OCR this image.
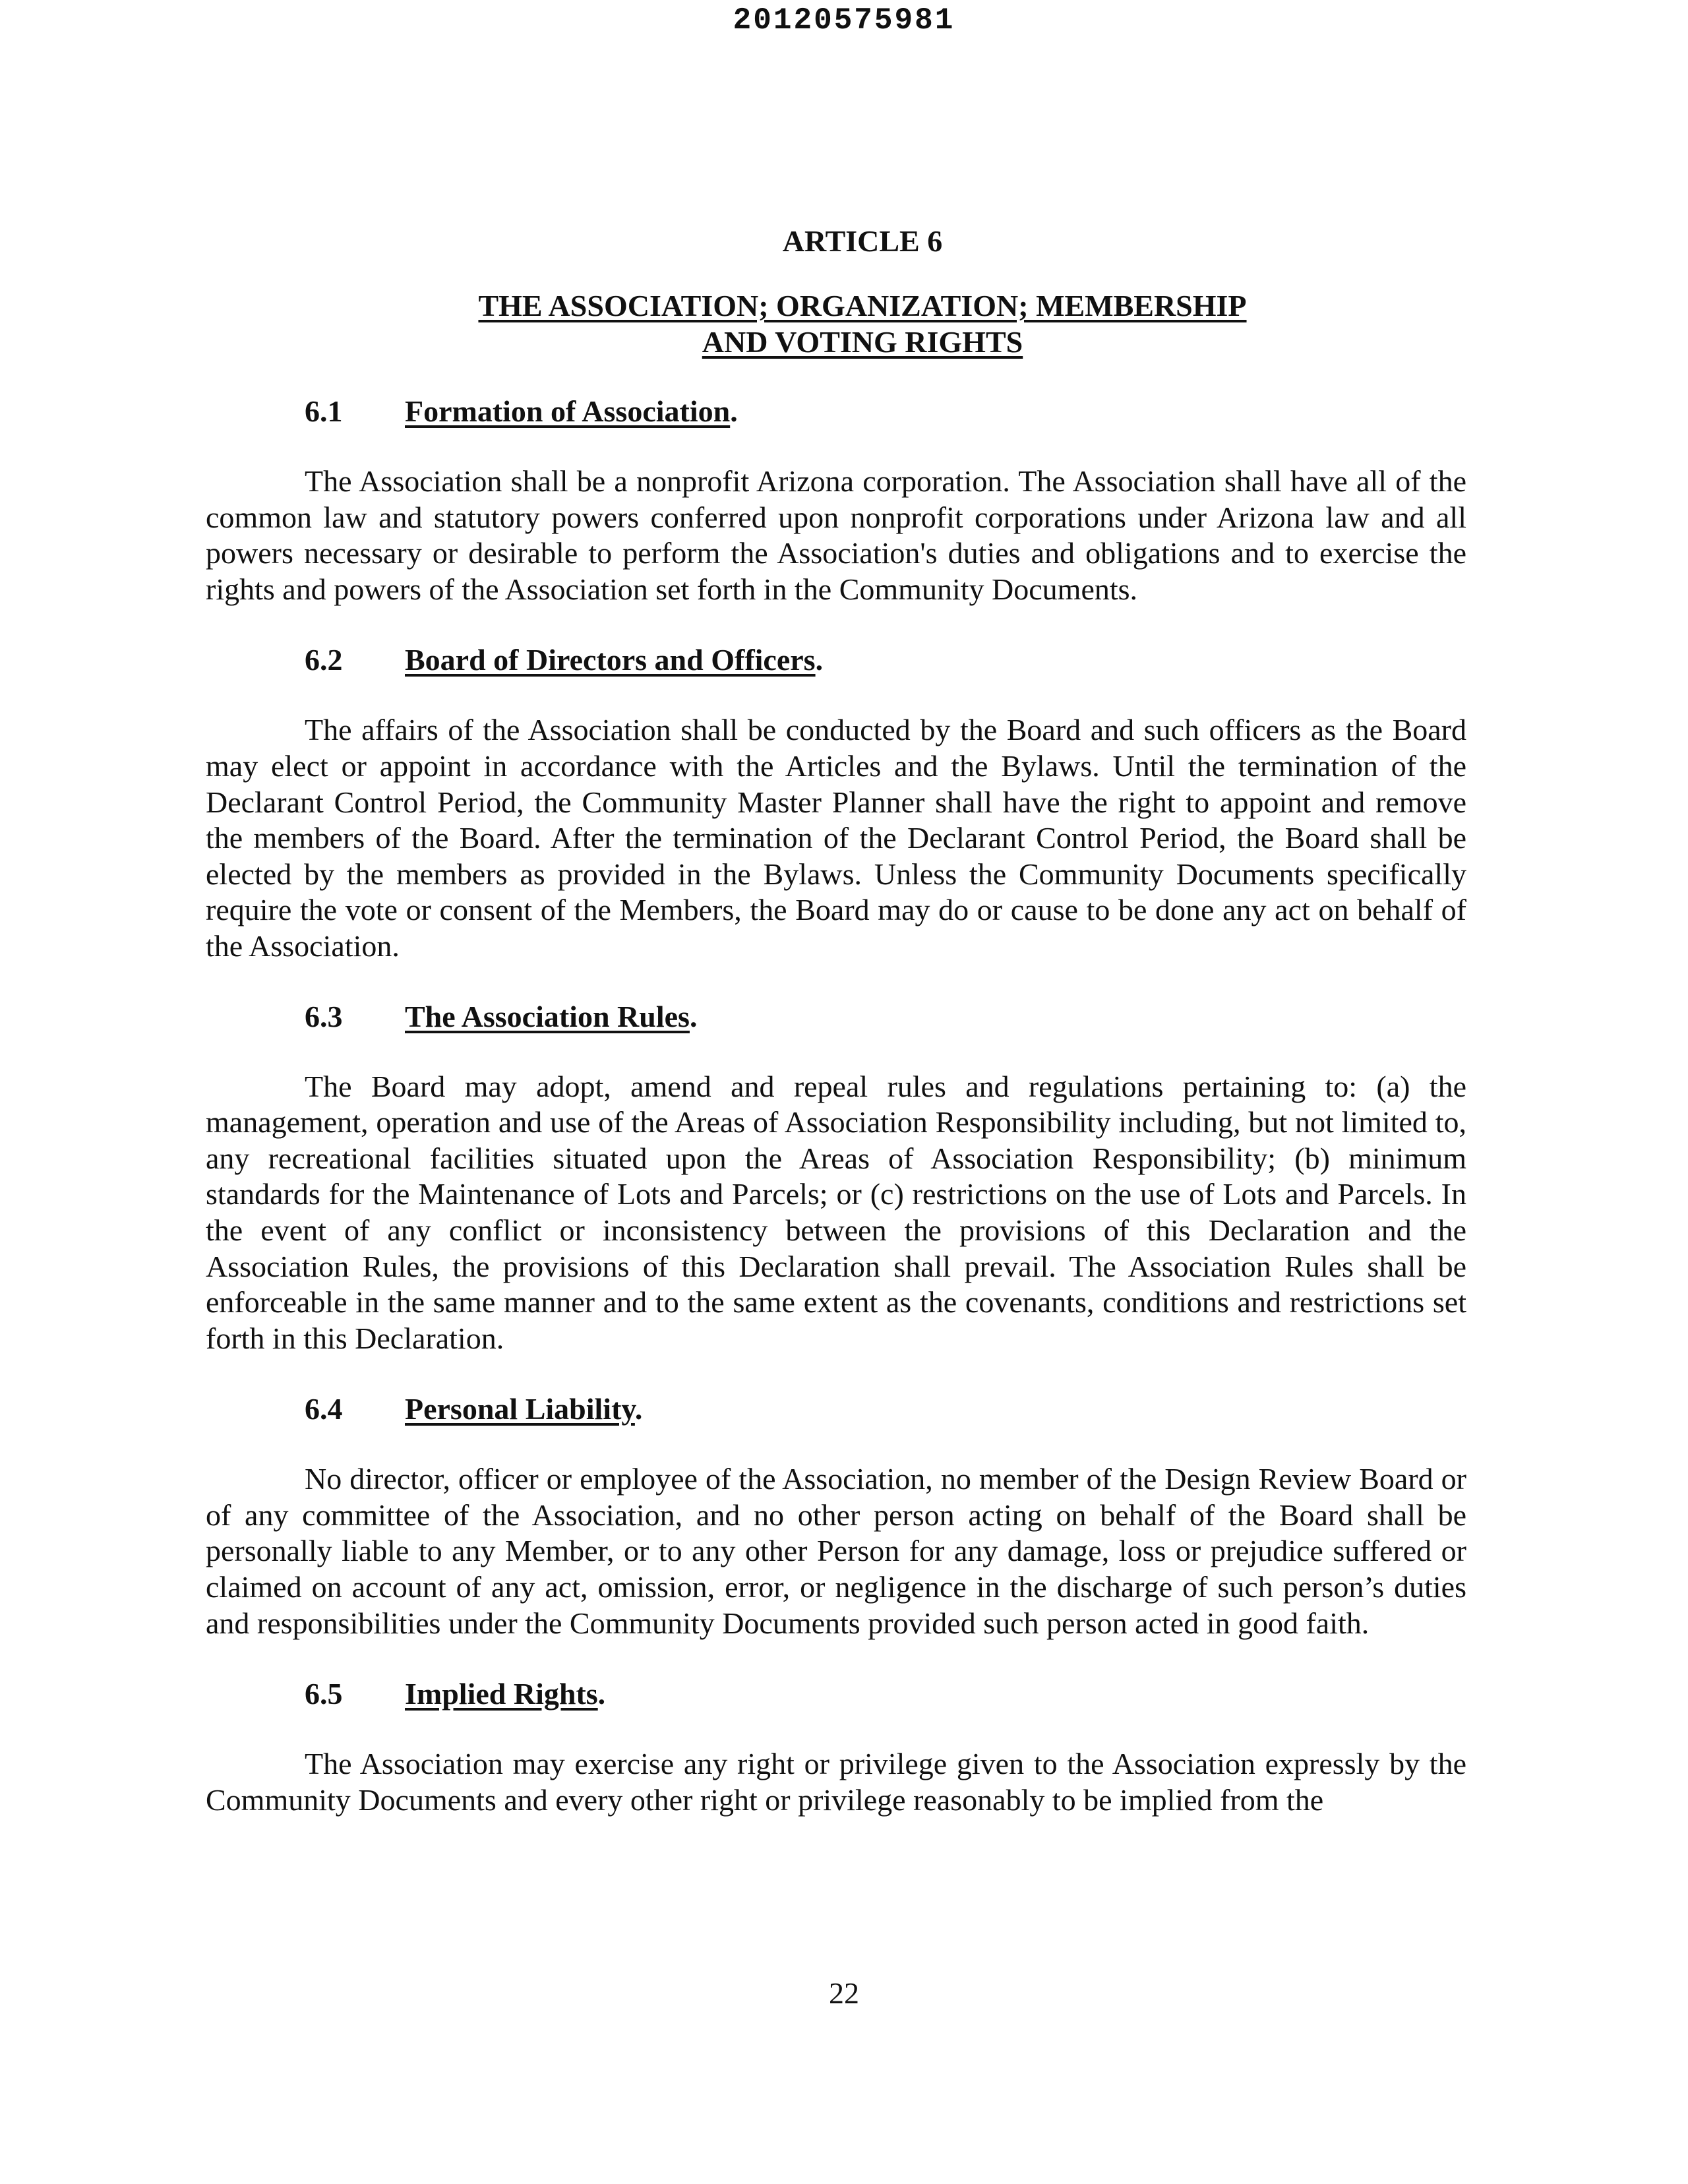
20120575981
ARTICLE 6
THE ASSOCIATION; ORGANIZATION; MEMBERSHIP
AND VOTING RIGHTS
6.1	Formation of Association.

The Association shall be a nonprofit Arizona corporation. The Association shall have all of the common law and statutory powers conferred upon nonprofit corporations under Arizona law and all powers necessary or desirable to perform the Association's duties and obligations and to exercise the rights and powers of the Association set forth in the Community Documents.

6.2	Board of Directors and Officers.

The affairs of the Association shall be conducted by the Board and such officers as the Board may elect or appoint in accordance with the Articles and the Bylaws. Until the termination of the Declarant Control Period, the Community Master Planner shall have the right to appoint and remove the members of the Board. After the termination of the Declarant Control Period, the Board shall be elected by the members as provided in the Bylaws. Unless the Community Documents specifically require the vote or consent of the Members, the Board may do or cause to be done any act on behalf of the Association.

6.3	The Association Rules.

The Board may adopt, amend and repeal rules and regulations pertaining to: (a) the management, operation and use of the Areas of Association Responsibility including, but not limited to, any recreational facilities situated upon the Areas of Association Responsibility; (b) minimum standards for the Maintenance of Lots and Parcels; or (c) restrictions on the use of Lots and Parcels. In the event of any conflict or inconsistency between the provisions of this Declaration and the Association Rules, the provisions of this Declaration shall prevail. The Association Rules shall be enforceable in the same manner and to the same extent as the covenants, conditions and restrictions set forth in this Declaration.

6.4	Personal Liability.

No director, officer or employee of the Association, no member of the Design Review Board or of any committee of the Association, and no other person acting on behalf of the Board shall be personally liable to any Member, or to any other Person for any damage, loss or prejudice suffered or claimed on account of any act, omission, error, or negligence in the discharge of such person’s duties and responsibilities under the Community Documents provided such person acted in good faith.

6.5	Implied Rights.

The Association may exercise any right or privilege given to the Association expressly by the Community Documents and every other right or privilege reasonably to be implied from the

22
